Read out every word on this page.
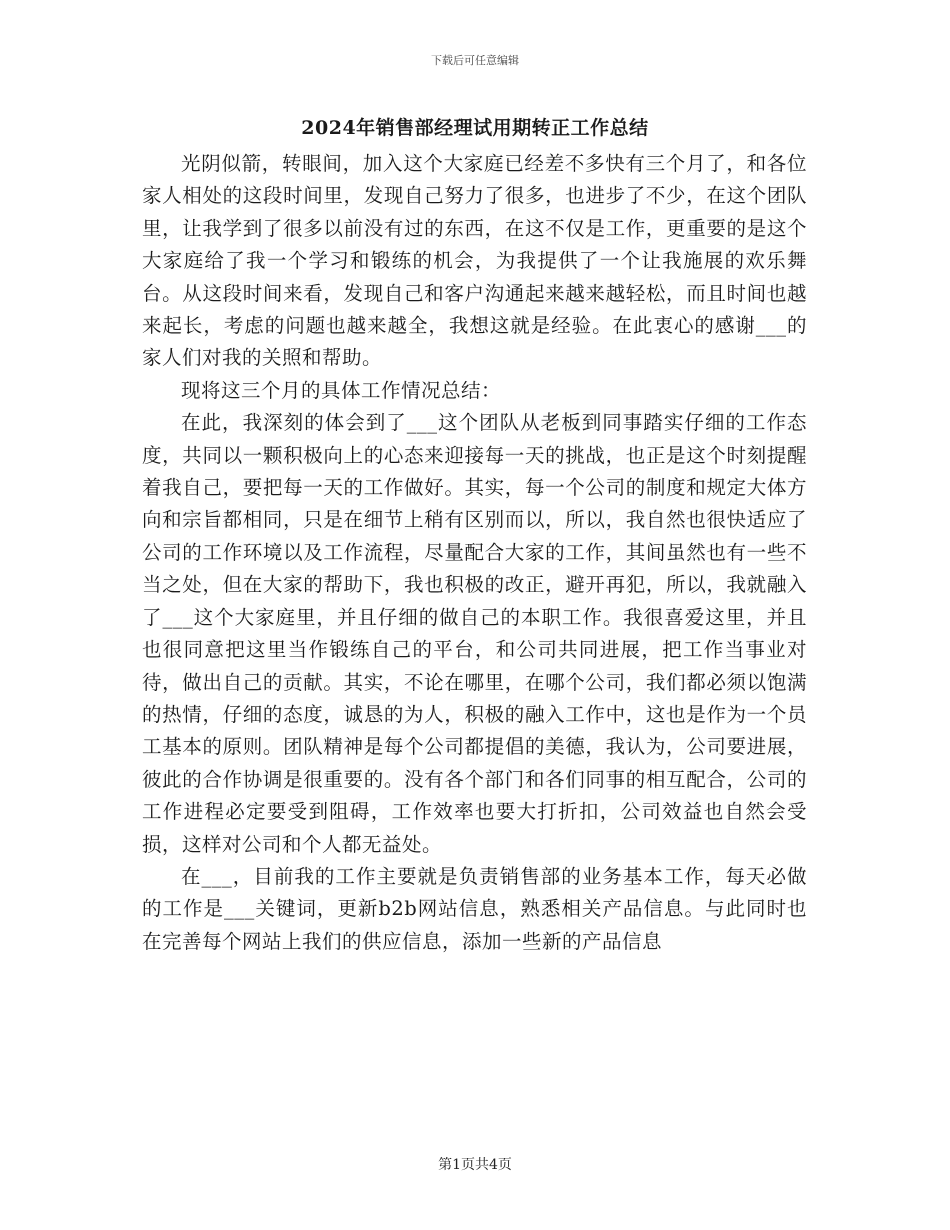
下载后可任意编辑
2024年销售部经理试用期转正工作总结

光阴似箭，转眼间，加入这个大家庭已经差不多快有三个月了，和各位家人相处的这段时间里，发现自己努力了很多，也进步了不少，在这个团队里，让我学到了很多以前没有过的东西，在这不仅是工作，更重要的是这个大家庭给了我一个学习和锻练的机会，为我提供了一个让我施展的欢乐舞台。从这段时间来看，发现自己和客户沟通起来越来越轻松，而且时间也越来起长，考虑的问题也越来越全，我想这就是经验。在此衷心的感谢___的家人们对我的关照和帮助。

现将这三个月的具体工作情况总结：

在此，我深刻的体会到了___这个团队从老板到同事踏实仔细的工作态度，共同以一颗积极向上的心态来迎接每一天的挑战，也正是这个时刻提醒着我自己，要把每一天的工作做好。其实，每一个公司的制度和规定大体方向和宗旨都相同，只是在细节上稍有区别而以，所以，我自然也很快适应了公司的工作环境以及工作流程，尽量配合大家的工作，其间虽然也有一些不当之处，但在大家的帮助下，我也积极的改正，避开再犯，所以，我就融入了___这个大家庭里，并且仔细的做自己的本职工作。我很喜爱这里，并且也很同意把这里当作锻练自己的平台，和公司共同进展，把工作当事业对待，做出自己的贡献。其实，不论在哪里，在哪个公司，我们都必须以饱满的热情，仔细的态度，诚恳的为人，积极的融入工作中，这也是作为一个员工基本的原则。团队精神是每个公司都提倡的美德，我认为，公司要进展，彼此的合作协调是很重要的。没有各个部门和各们同事的相互配合，公司的工作进程必定要受到阻碍，工作效率也要大打折扣，公司效益也自然会受损，这样对公司和个人都无益处。

在___，目前我的工作主要就是负责销售部的业务基本工作，每天必做的工作是___关键词，更新b2b网站信息，熟悉相关产品信息。与此同时也在完善每个网站上我们的供应信息，添加一些新的产品信息

第1页共4页
